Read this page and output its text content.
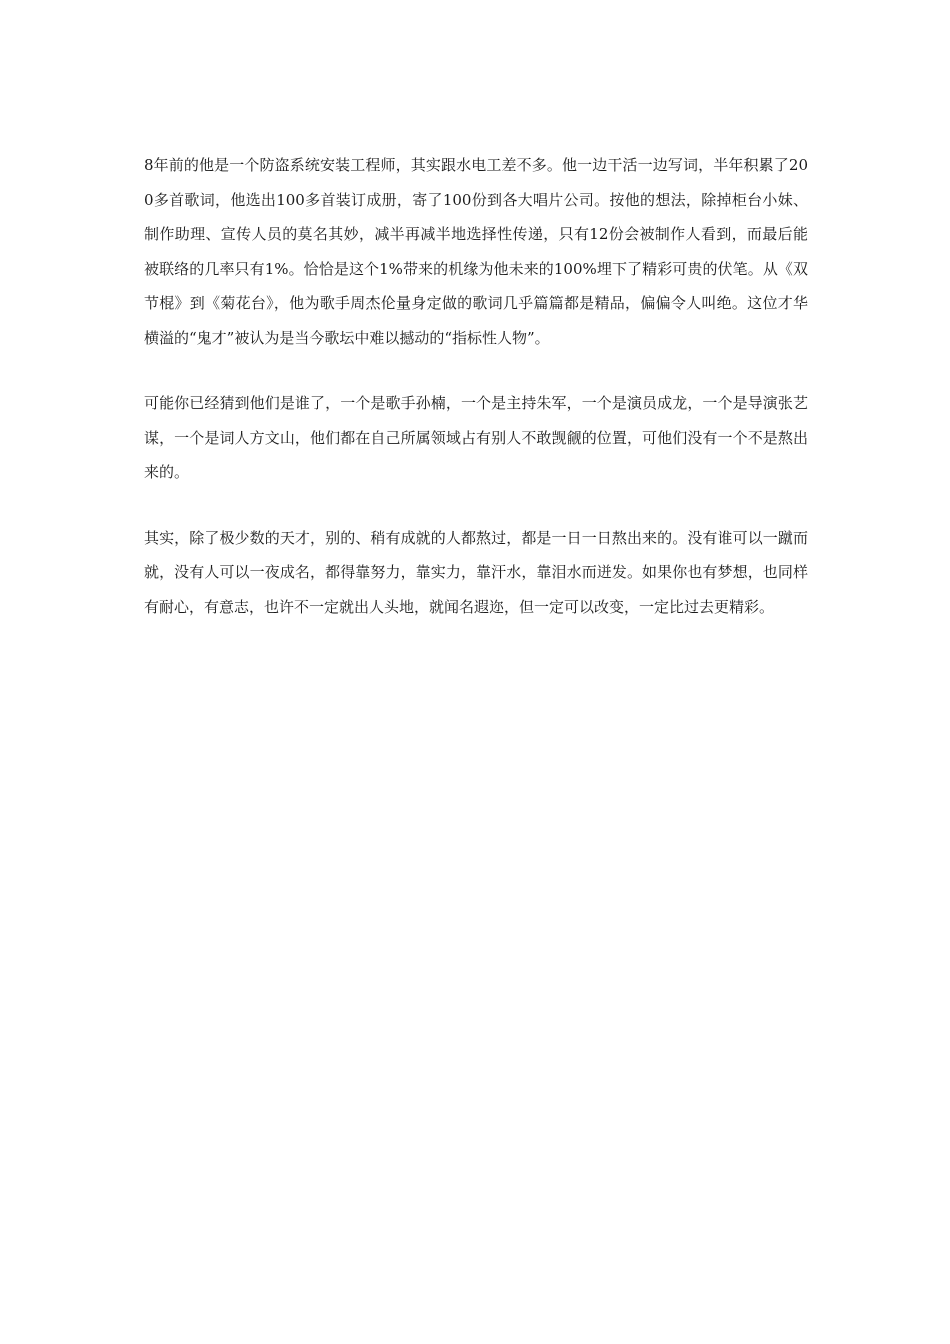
8年前的他是一个防盗系统安装工程师，其实跟水电工差不多。他一边干活一边写词，半年积累了200多首歌词，他选出100多首装订成册，寄了100份到各大唱片公司。按他的想法，除掉柜台小妹、制作助理、宣传人员的莫名其妙，减半再减半地选择性传递，只有12份会被制作人看到，而最后能被联络的几率只有1%。恰恰是这个1%带来的机缘为他未来的100%埋下了精彩可贵的伏笔。从《双节棍》到《菊花台》，他为歌手周杰伦量身定做的歌词几乎篇篇都是精品，偏偏令人叫绝。这位才华横溢的“鬼才”被认为是当今歌坛中难以撼动的“指标性人物”。

可能你已经猜到他们是谁了，一个是歌手孙楠，一个是主持朱军，一个是演员成龙，一个是导演张艺谋，一个是词人方文山，他们都在自己所属领域占有别人不敢觊觎的位置，可他们没有一个不是熬出来的。

其实，除了极少数的天才，别的、稍有成就的人都熬过，都是一日一日熬出来的。没有谁可以一蹴而就，没有人可以一夜成名，都得靠努力，靠实力，靠汗水，靠泪水而迸发。如果你也有梦想，也同样有耐心，有意志，也许不一定就出人头地，就闻名遐迩，但一定可以改变，一定比过去更精彩。
